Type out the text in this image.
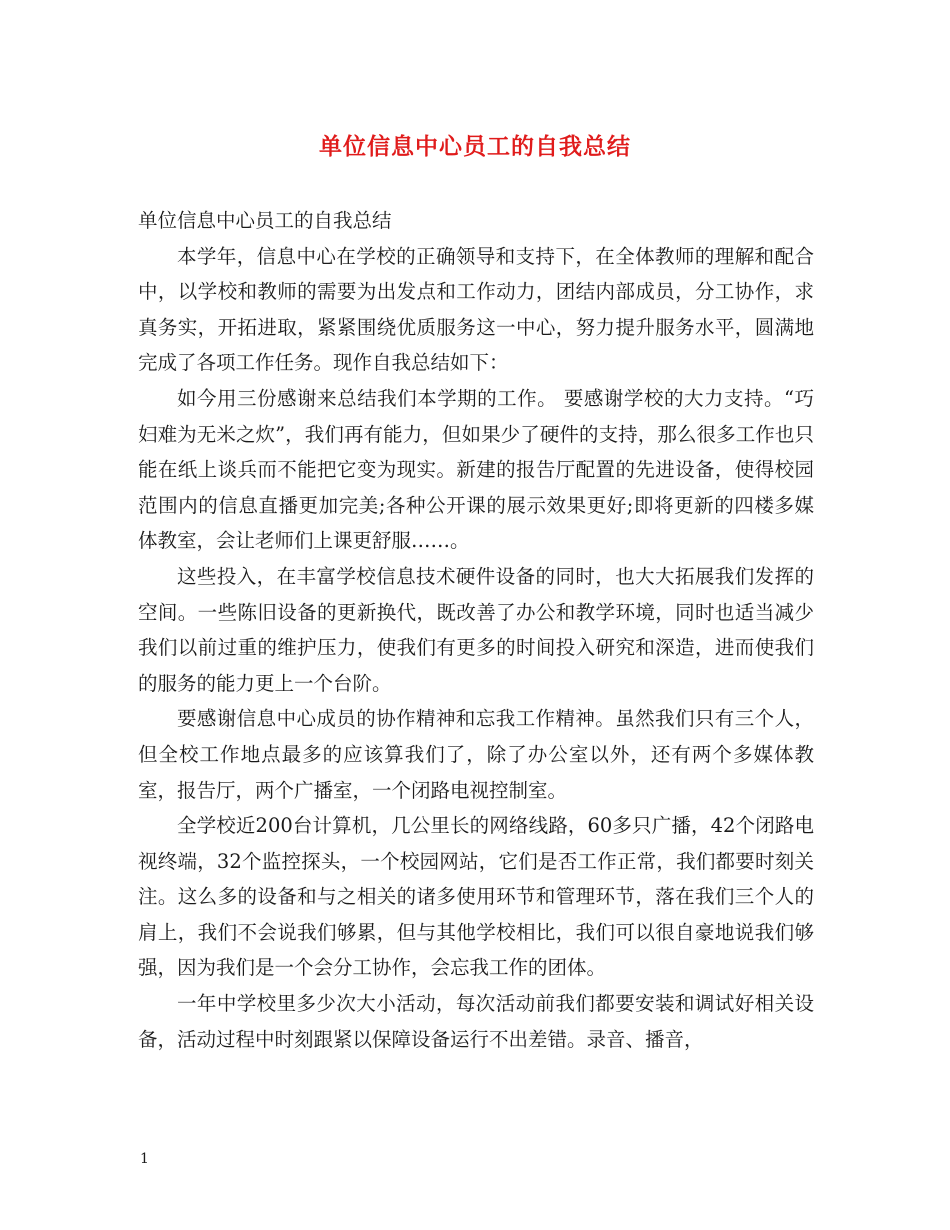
单位信息中心员工的自我总结

单位信息中心员工的自我总结

本学年，信息中心在学校的正确领导和支持下，在全体教师的理解和配合中，以学校和教师的需要为出发点和工作动力，团结内部成员，分工协作，求真务实，开拓进取，紧紧围绕优质服务这一中心，努力提升服务水平，圆满地完成了各项工作任务。现作自我总结如下：

如今用三份感谢来总结我们本学期的工作。 要感谢学校的大力支持。“巧妇难为无米之炊”，我们再有能力，但如果少了硬件的支持，那么很多工作也只能在纸上谈兵而不能把它变为现实。新建的报告厅配置的先进设备，使得校园范围内的信息直播更加完美;各种公开课的展示效果更好;即将更新的四楼多媒体教室，会让老师们上课更舒服……。

这些投入，在丰富学校信息技术硬件设备的同时，也大大拓展我们发挥的空间。一些陈旧设备的更新换代，既改善了办公和教学环境，同时也适当减少我们以前过重的维护压力，使我们有更多的时间投入研究和深造，进而使我们的服务的能力更上一个台阶。

要感谢信息中心成员的协作精神和忘我工作精神。虽然我们只有三个人，但全校工作地点最多的应该算我们了，除了办公室以外，还有两个多媒体教室，报告厅，两个广播室，一个闭路电视控制室。

全学校近200台计算机，几公里长的网络线路，60多只广播，42个闭路电视终端，32个监控探头，一个校园网站，它们是否工作正常，我们都要时刻关注。这么多的设备和与之相关的诸多使用环节和管理环节，落在我们三个人的肩上，我们不会说我们够累，但与其他学校相比，我们可以很自豪地说我们够强，因为我们是一个会分工协作，会忘我工作的团体。

一年中学校里多少次大小活动，每次活动前我们都要安装和调试好相关设备，活动过程中时刻跟紧以保障设备运行不出差错。录音、播音，

1
